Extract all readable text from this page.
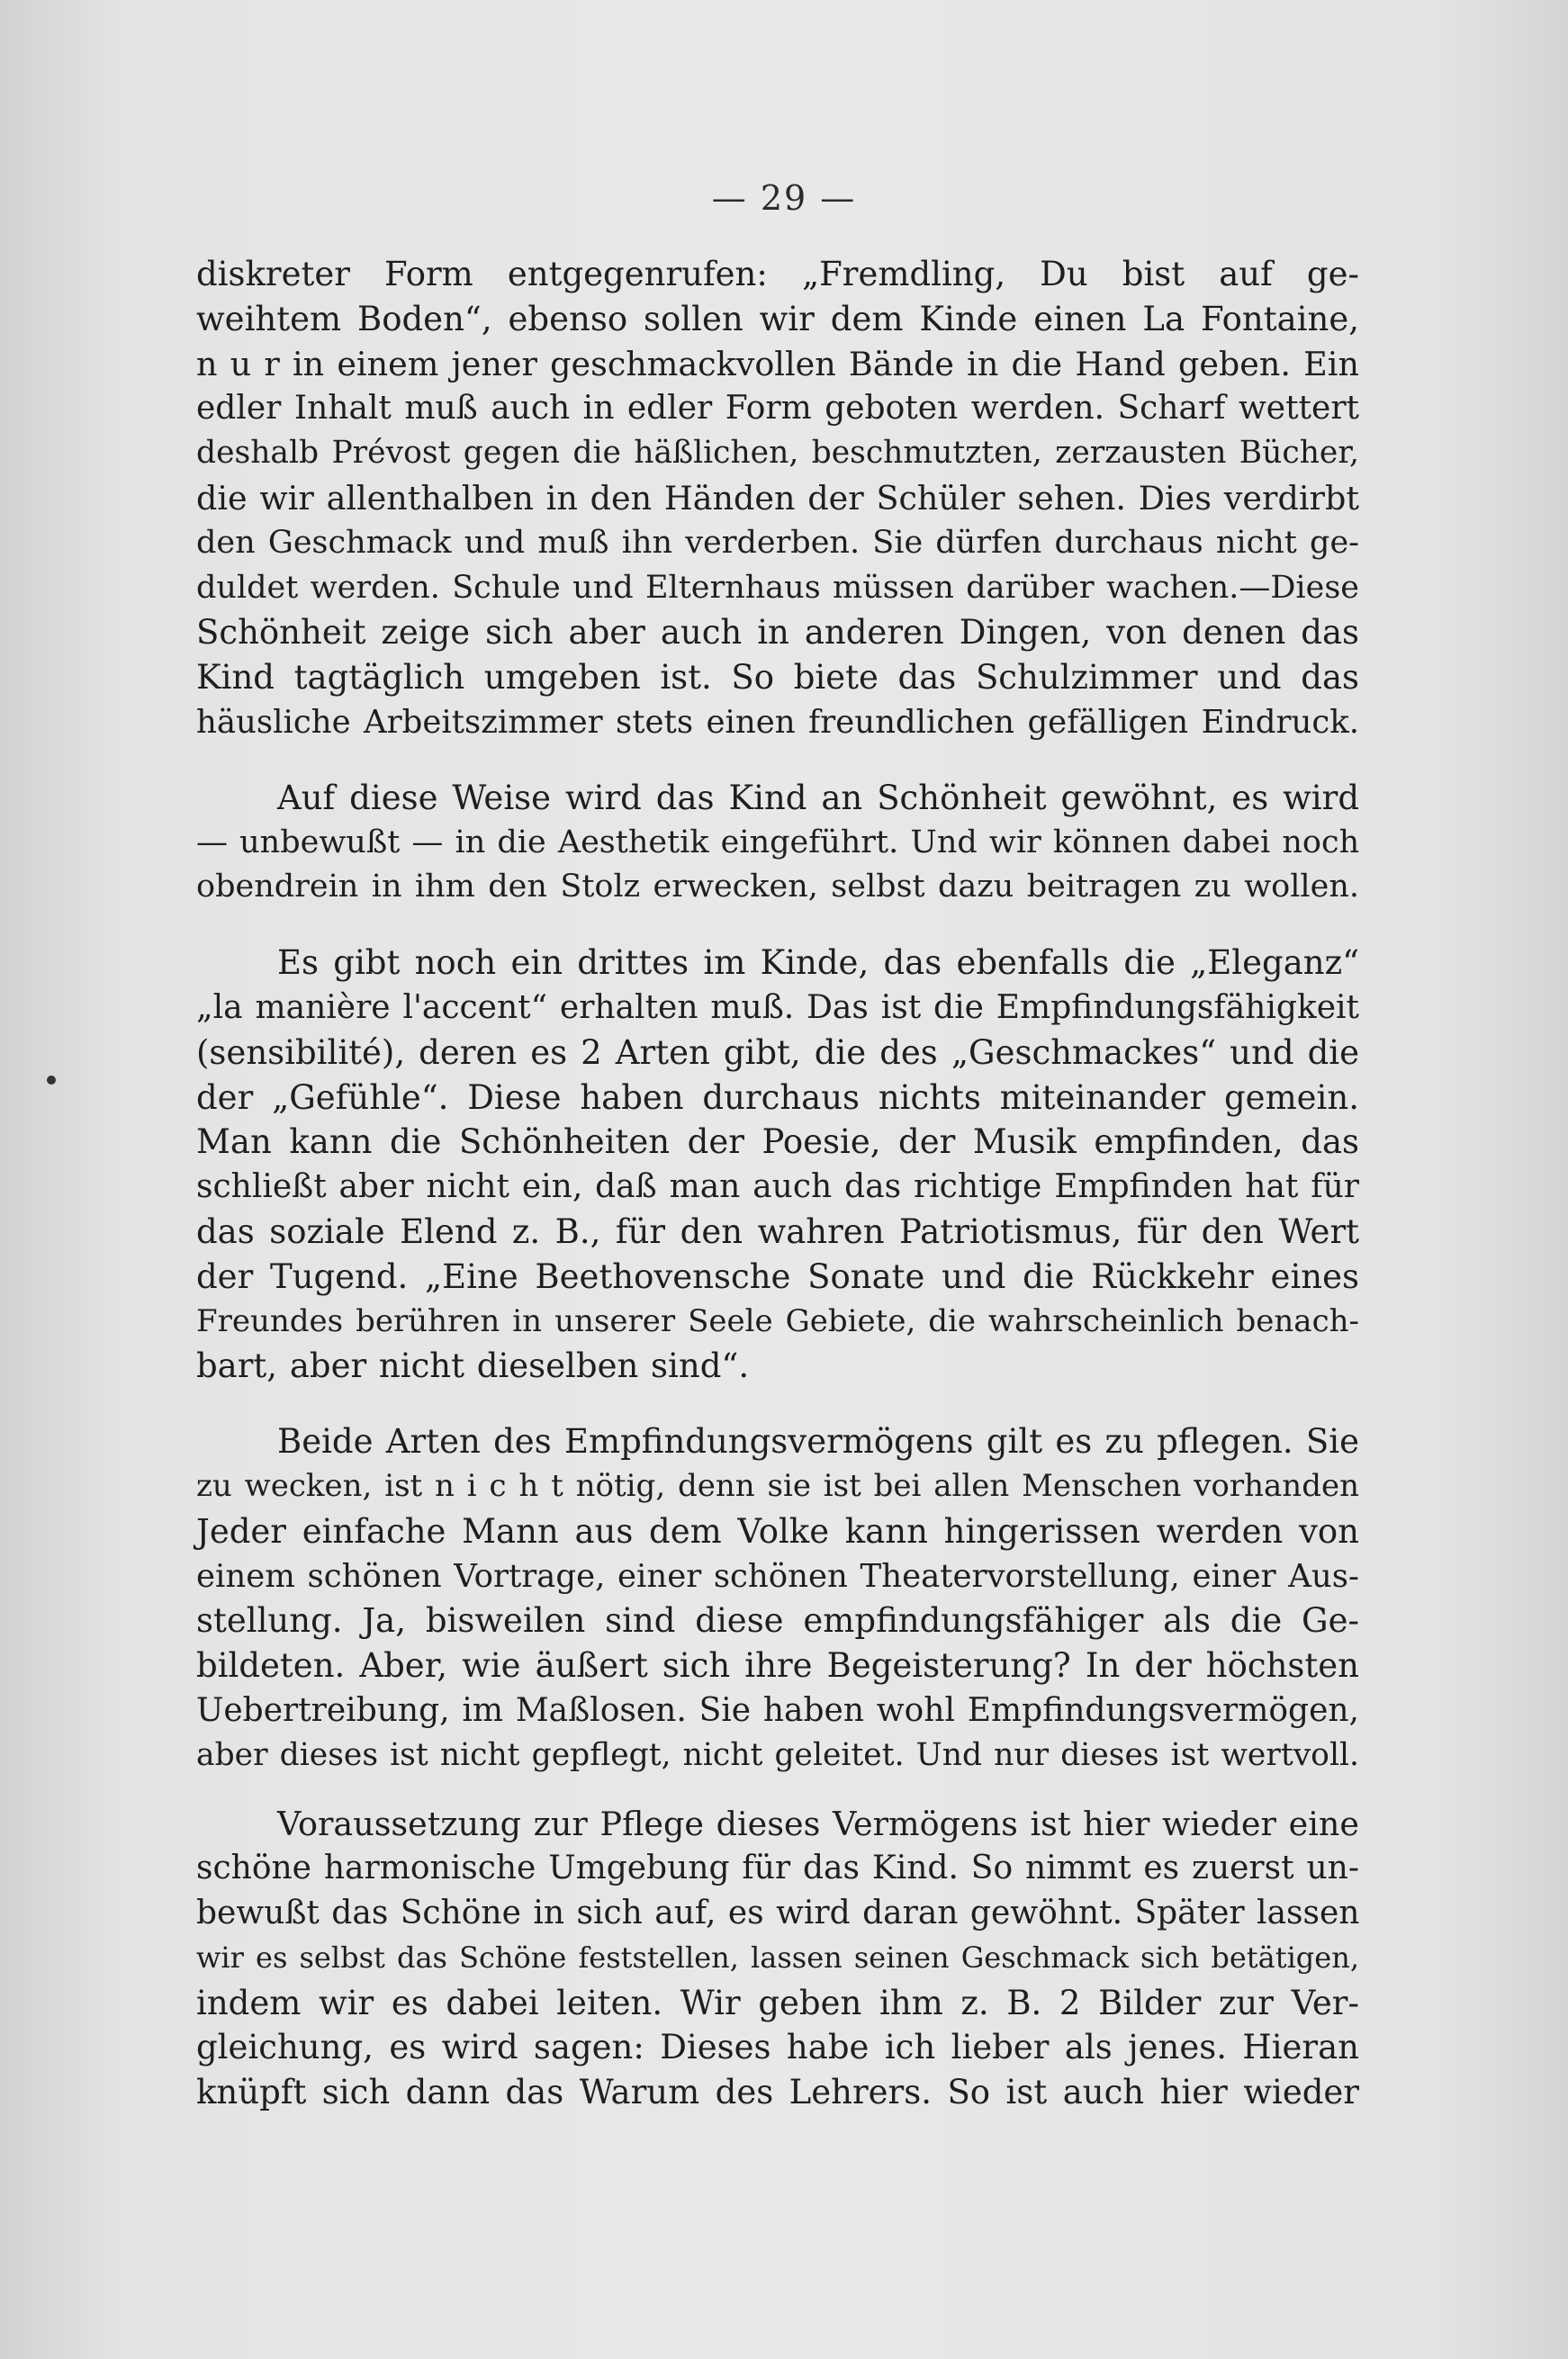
— 29 —

diskreter Form entgegenrufen: „Fremdling, Du bist auf ge-

weihtem Boden“, ebenso sollen wir dem Kinde einen La Fontaine,

n u r in einem jener geschmackvollen Bände in die Hand geben. Ein

edler Inhalt muß auch in edler Form geboten werden. Scharf wettert

deshalb Prévost gegen die häßlichen, beschmutzten, zerzausten Bücher,

die wir allenthalben in den Händen der Schüler sehen. Dies verdirbt

den Geschmack und muß ihn verderben. Sie dürfen durchaus nicht ge-

duldet werden. Schule und Elternhaus müssen darüber wachen.—Diese

Schönheit zeige sich aber auch in anderen Dingen, von denen das

Kind tagtäglich umgeben ist. So biete das Schulzimmer und das

häusliche Arbeitszimmer stets einen freundlichen gefälligen Eindruck.

Auf diese Weise wird das Kind an Schönheit gewöhnt, es wird

— unbewußt — in die Aesthetik eingeführt. Und wir können dabei noch

obendrein in ihm den Stolz erwecken, selbst dazu beitragen zu wollen.

Es gibt noch ein drittes im Kinde, das ebenfalls die „Eleganz“

„la manière l'accent“ erhalten muß. Das ist die Empfindungsfähigkeit

(sensibilité), deren es 2 Arten gibt, die des „Geschmackes“ und die

der „Gefühle“. Diese haben durchaus nichts miteinander gemein.

Man kann die Schönheiten der Poesie, der Musik empfinden, das

schließt aber nicht ein, daß man auch das richtige Empfinden hat für

das soziale Elend z. B., für den wahren Patriotismus, für den Wert

der Tugend. „Eine Beethovensche Sonate und die Rückkehr eines

Freundes berühren in unserer Seele Gebiete, die wahrscheinlich benach-

bart, aber nicht dieselben sind“.

Beide Arten des Empfindungsvermögens gilt es zu pflegen. Sie

zu wecken, ist n i c h t nötig, denn sie ist bei allen Menschen vorhanden

Jeder einfache Mann aus dem Volke kann hingerissen werden von

einem schönen Vortrage, einer schönen Theatervorstellung, einer Aus-

stellung. Ja, bisweilen sind diese empfindungsfähiger als die Ge-

bildeten. Aber, wie äußert sich ihre Begeisterung? In der höchsten

Uebertreibung, im Maßlosen. Sie haben wohl Empfindungsvermögen,

aber dieses ist nicht gepflegt, nicht geleitet. Und nur dieses ist wertvoll.

Voraussetzung zur Pflege dieses Vermögens ist hier wieder eine

schöne harmonische Umgebung für das Kind. So nimmt es zuerst un-

bewußt das Schöne in sich auf, es wird daran gewöhnt. Später lassen

wir es selbst das Schöne feststellen, lassen seinen Geschmack sich betätigen,

indem wir es dabei leiten. Wir geben ihm z. B. 2 Bilder zur Ver-

gleichung, es wird sagen: Dieses habe ich lieber als jenes. Hieran

knüpft sich dann das Warum des Lehrers. So ist auch hier wieder
